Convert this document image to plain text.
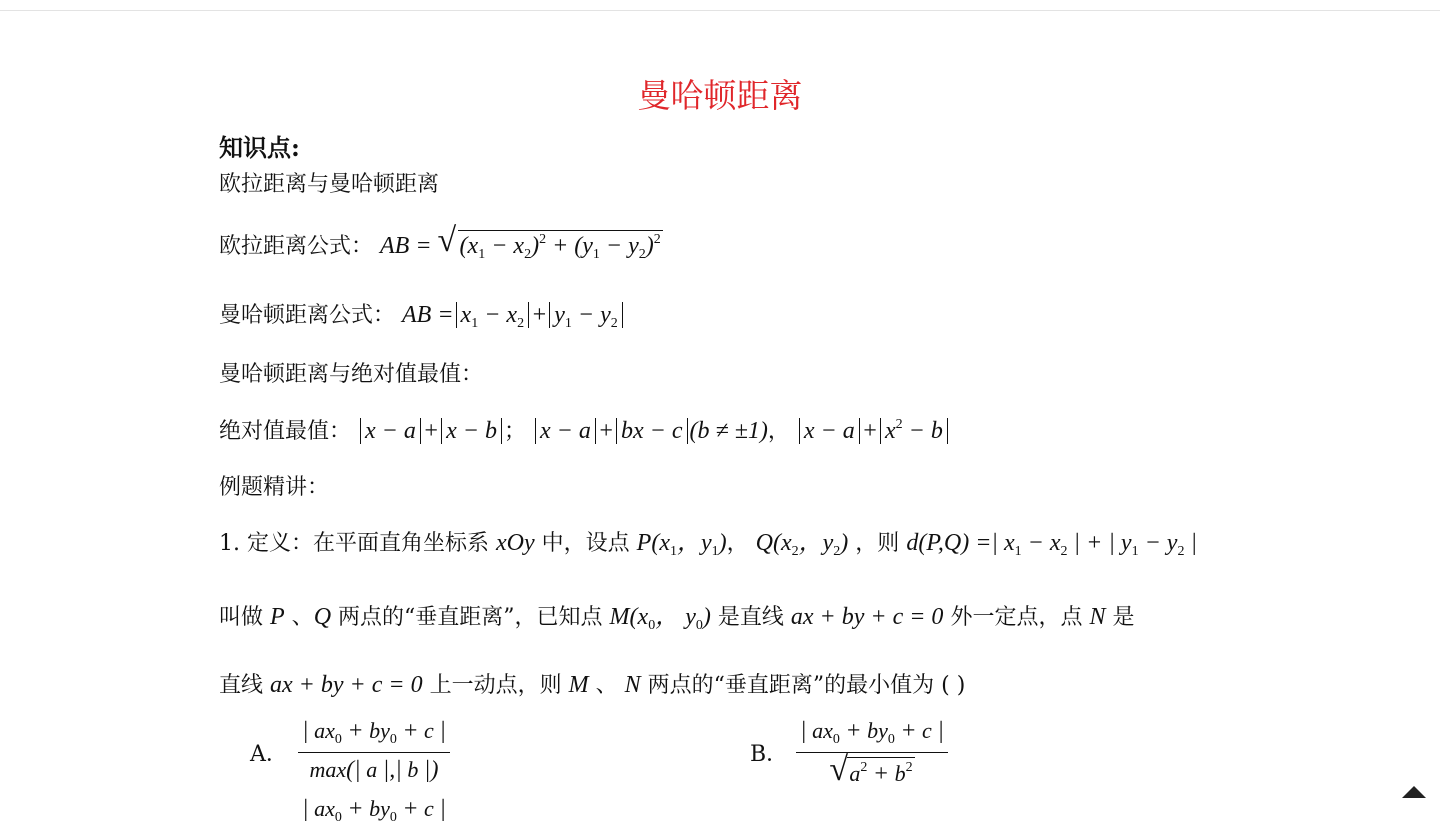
曼哈顿距离
知识点:
欧拉距离与曼哈顿距离
欧拉距离公式： AB = √ $(x_1 - x_2)^2 + (y_1 - y_2)^2$
曼哈顿距离公式： AB = $x_1 - x_2 + y_1 - y_2$
曼哈顿距离与绝对值最值：
绝对值最值： x − a + x − b ； x − a + bx − c (b ≠ ±1)， $x - a + x^2 - b$
例题精讲：
1. 定义：在平面直角坐标系 xOy 中，设点 $P(x_1$，$y_1$)， $Q(x_2$，$y_2$) ，则 d(P,Q) =| $x_1 - x_2$ | + | $y_1 - y_2$ |
叫做 P 、Q 两点的“垂直距离”，已知点 $M(x_0$， $y_0$) 是直线 ax + by + c = 0 外一定点，点 N 是
直线 ax + by + c = 0 上一动点，则 M 、 N 两点的“垂直距离”的最小值为 ( )
A．
| $ax_0 + by_0 + c$ |
max(| a |,| b |)
B． | $ax_0 + by_0 + c$ |
√ $a^2 + b^2$
| $ax_0 + by_0 + c$ |
